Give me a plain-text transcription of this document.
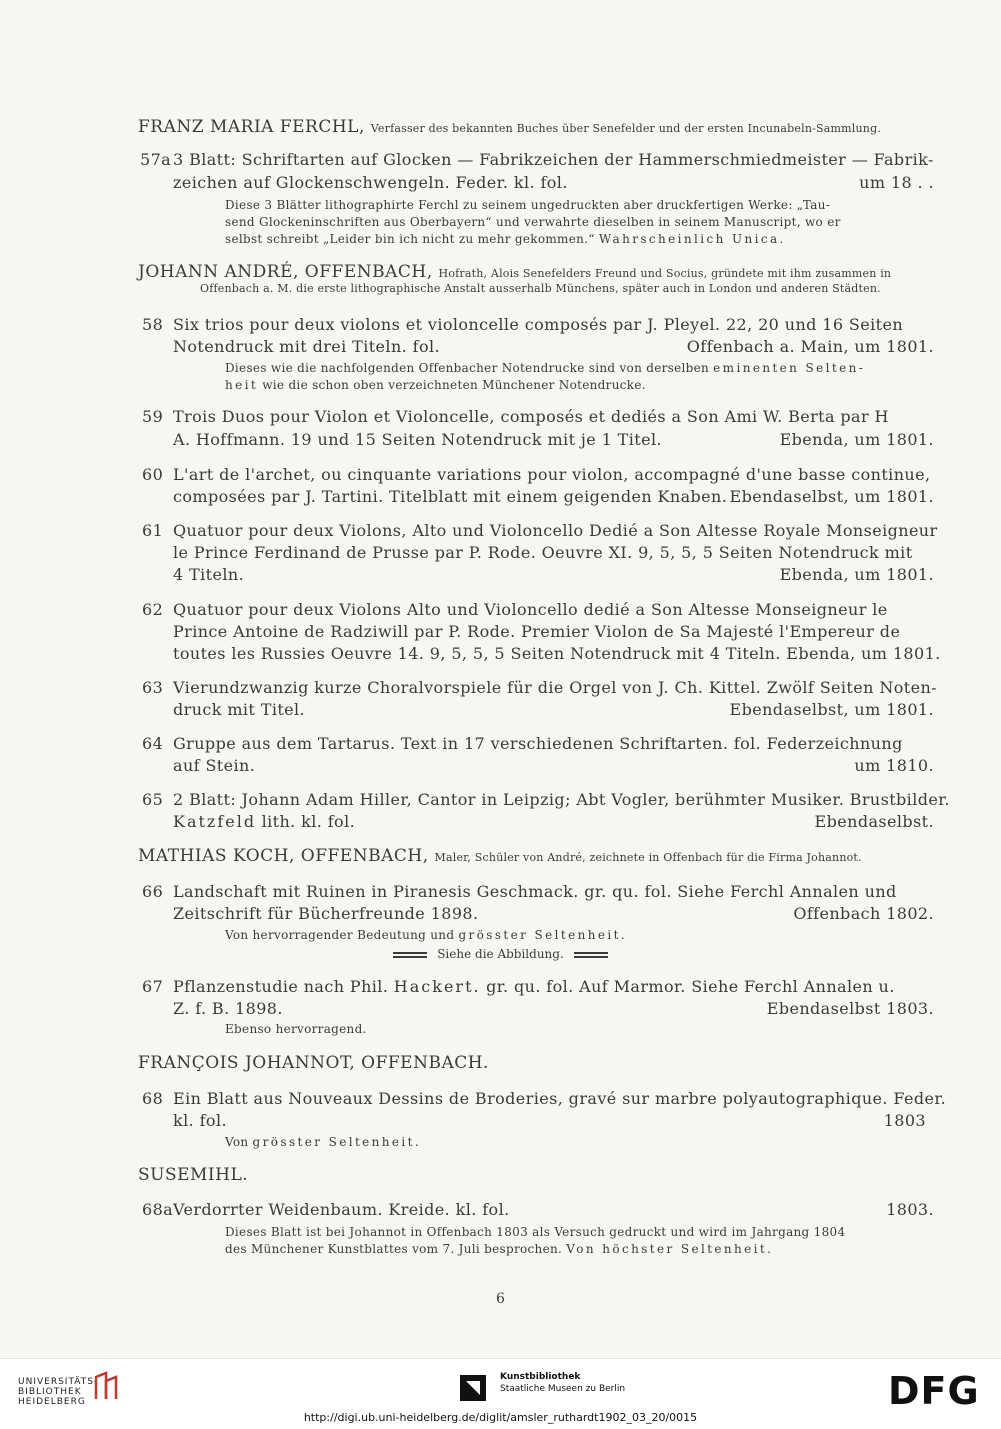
FRANZ MARIA FERCHL, Verfasser des bekannten Buches über Senefelder und der ersten Incunabeln-Sammlung.
57a 3 Blatt: Schriftarten auf Glocken — Fabrikzeichen der Hammerschmiedmeister — Fabrik-
zeichen auf Glockenschwengeln. Feder. kl. fol.	um 18 . .
Diese 3 Blätter lithographirte Ferchl zu seinem ungedruckten aber druckfertigen Werke: „Tau-
send Glockeninschriften aus Oberbayern“ und verwahrte dieselben in seinem Manuscript, wo er
selbst schreibt „Leider bin ich nicht zu mehr gekommen.“ Wahrscheinlich Unica.
JOHANN ANDRÉ, OFFENBACH, Hofrath, Alois Senefelders Freund und Socius, gründete mit ihm zusammen in
Offenbach a. M. die erste lithographische Anstalt ausserhalb Münchens, später auch in London und anderen Städten.
58 Six trios pour deux violons et violoncelle composés par J. Pleyel. 22, 20 und 16 Seiten
Notendruck mit drei Titeln. fol.	Offenbach a. Main, um 1801.
Dieses wie die nachfolgenden Offenbacher Notendrucke sind von derselben eminenten Selten-
heit wie die schon oben verzeichneten Münchener Notendrucke.
59 Trois Duos pour Violon et Violoncelle, composés et dediés a Son Ami W. Berta par H
A. Hoffmann. 19 und 15 Seiten Notendruck mit je 1 Titel.	Ebenda, um 1801.
60 L'art de l'archet, ou cinquante variations pour violon, accompagné d'une basse continue,
composées par J. Tartini. Titelblatt mit einem geigenden Knaben. Ebendaselbst, um 1801.
61 Quatuor pour deux Violons, Alto und Violoncello Dedié a Son Altesse Royale Monseigneur
le Prince Ferdinand de Prusse par P. Rode. Oeuvre XI. 9, 5, 5, 5 Seiten Notendruck mit
4 Titeln.	Ebenda, um 1801.
62 Quatuor pour deux Violons Alto und Violoncello dedié a Son Altesse Monseigneur le
Prince Antoine de Radziwill par P. Rode. Premier Violon de Sa Majesté l'Empereur de
toutes les Russies Oeuvre 14. 9, 5, 5, 5 Seiten Notendruck mit 4 Titeln. Ebenda, um 1801.
63 Vierundzwanzig kurze Choralvorspiele für die Orgel von J. Ch. Kittel. Zwölf Seiten Noten-
druck mit Titel.	Ebendaselbst, um 1801.
64 Gruppe aus dem Tartarus. Text in 17 verschiedenen Schriftarten. fol. Federzeichnung
auf Stein.	um 1810.
65 2 Blatt: Johann Adam Hiller, Cantor in Leipzig; Abt Vogler, berühmter Musiker. Brustbilder.
Katzfeld lith. kl. fol.	Ebendaselbst.
MATHIAS KOCH, OFFENBACH, Maler, Schüler von André, zeichnete in Offenbach für die Firma Johannot.
66 Landschaft mit Ruinen in Piranesis Geschmack. gr. qu. fol. Siehe Ferchl Annalen und
Zeitschrift für Bücherfreunde 1898.	Offenbach 1802.
Von hervorragender Bedeutung und grösster Seltenheit.
Siehe die Abbildung.
67 Pflanzenstudie nach Phil. Hackert. gr. qu. fol. Auf Marmor. Siehe Ferchl Annalen u.
Z. f. B. 1898.	Ebendaselbst 1803.
Ebenso hervorragend.
FRANÇOIS JOHANNOT, OFFENBACH.
68 Ein Blatt aus Nouveaux Dessins de Broderies, gravé sur marbre polyautographique. Feder.
kl. fol.	1803
Von grösster Seltenheit.
SUSEMIHL.
68a Verdorrter Weidenbaum. Kreide. kl. fol.	1803.
Dieses Blatt ist bei Johannot in Offenbach 1803 als Versuch gedruckt und wird im Jahrgang 1804
des Münchener Kunstblattes vom 7. Juli besprochen. Von höchster Seltenheit.
6
UNIVERSITÄTS-
BIBLIOTHEK
HEIDELBERG
Kunstbibliothek
Staatliche Museen zu Berlin	DFG
http://digi.ub.uni-heidelberg.de/diglit/amsler_ruthardt1902_03_20/0015
